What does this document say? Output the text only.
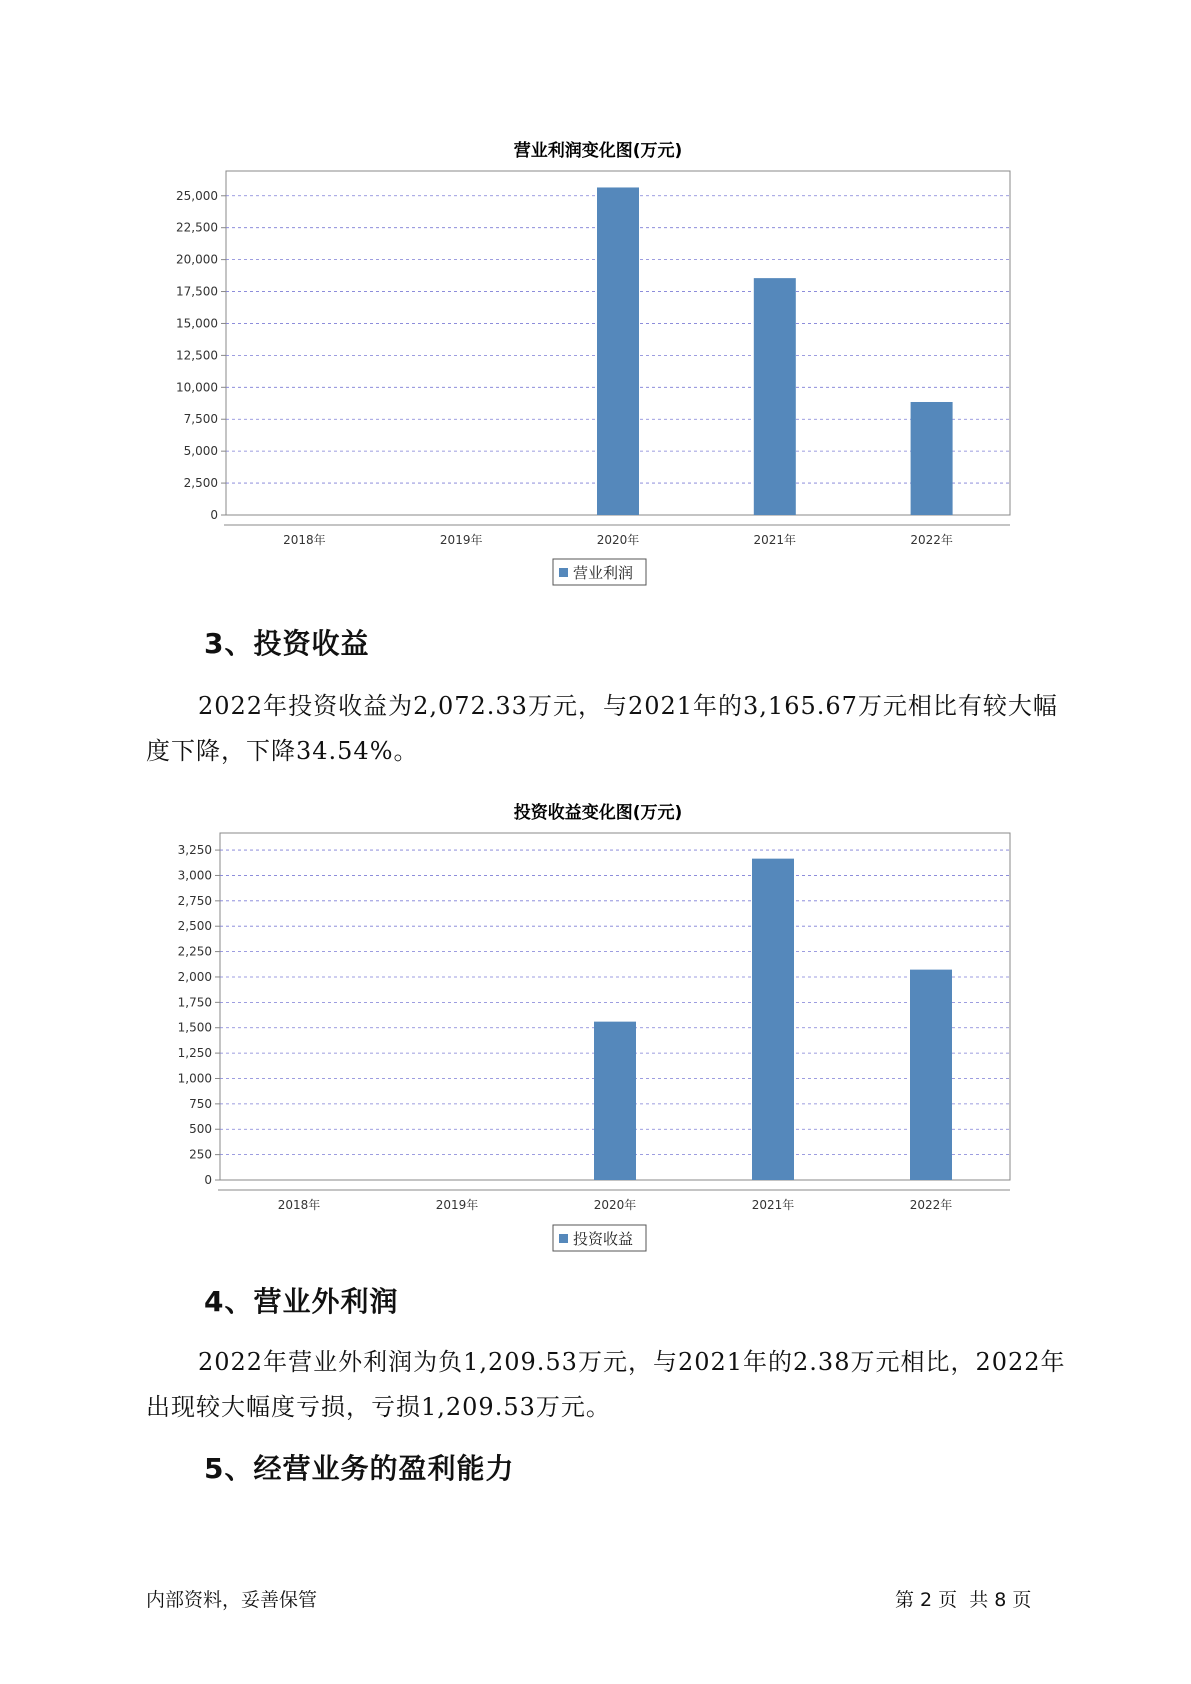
营业利润变化图(万元)
0
2,500
5,000
7,500
10,000
12,500
15,000
17,500
20,000
22,500
25,000
2018年	2019年	2020年	2021年	2022年
营业利润
3、投资收益

2022年投资收益为2,072.33万元，与2021年的3,165.67万元相比有较大幅度下降，下降34.54%。

投资收益变化图(万元)
0
250
500
750
1,000
1,250
1,500
1,750
2,000
2,250
2,500
2,750
3,000
3,250
2018年	2019年	2020年	2021年	2022年
投资收益
4、营业外利润

2022年营业外利润为负1,209.53万元，与2021年的2.38万元相比，2022年出现较大幅度亏损，亏损1,209.53万元。

5、经营业务的盈利能力
内部资料，妥善保管	第 2 页  共 8 页
